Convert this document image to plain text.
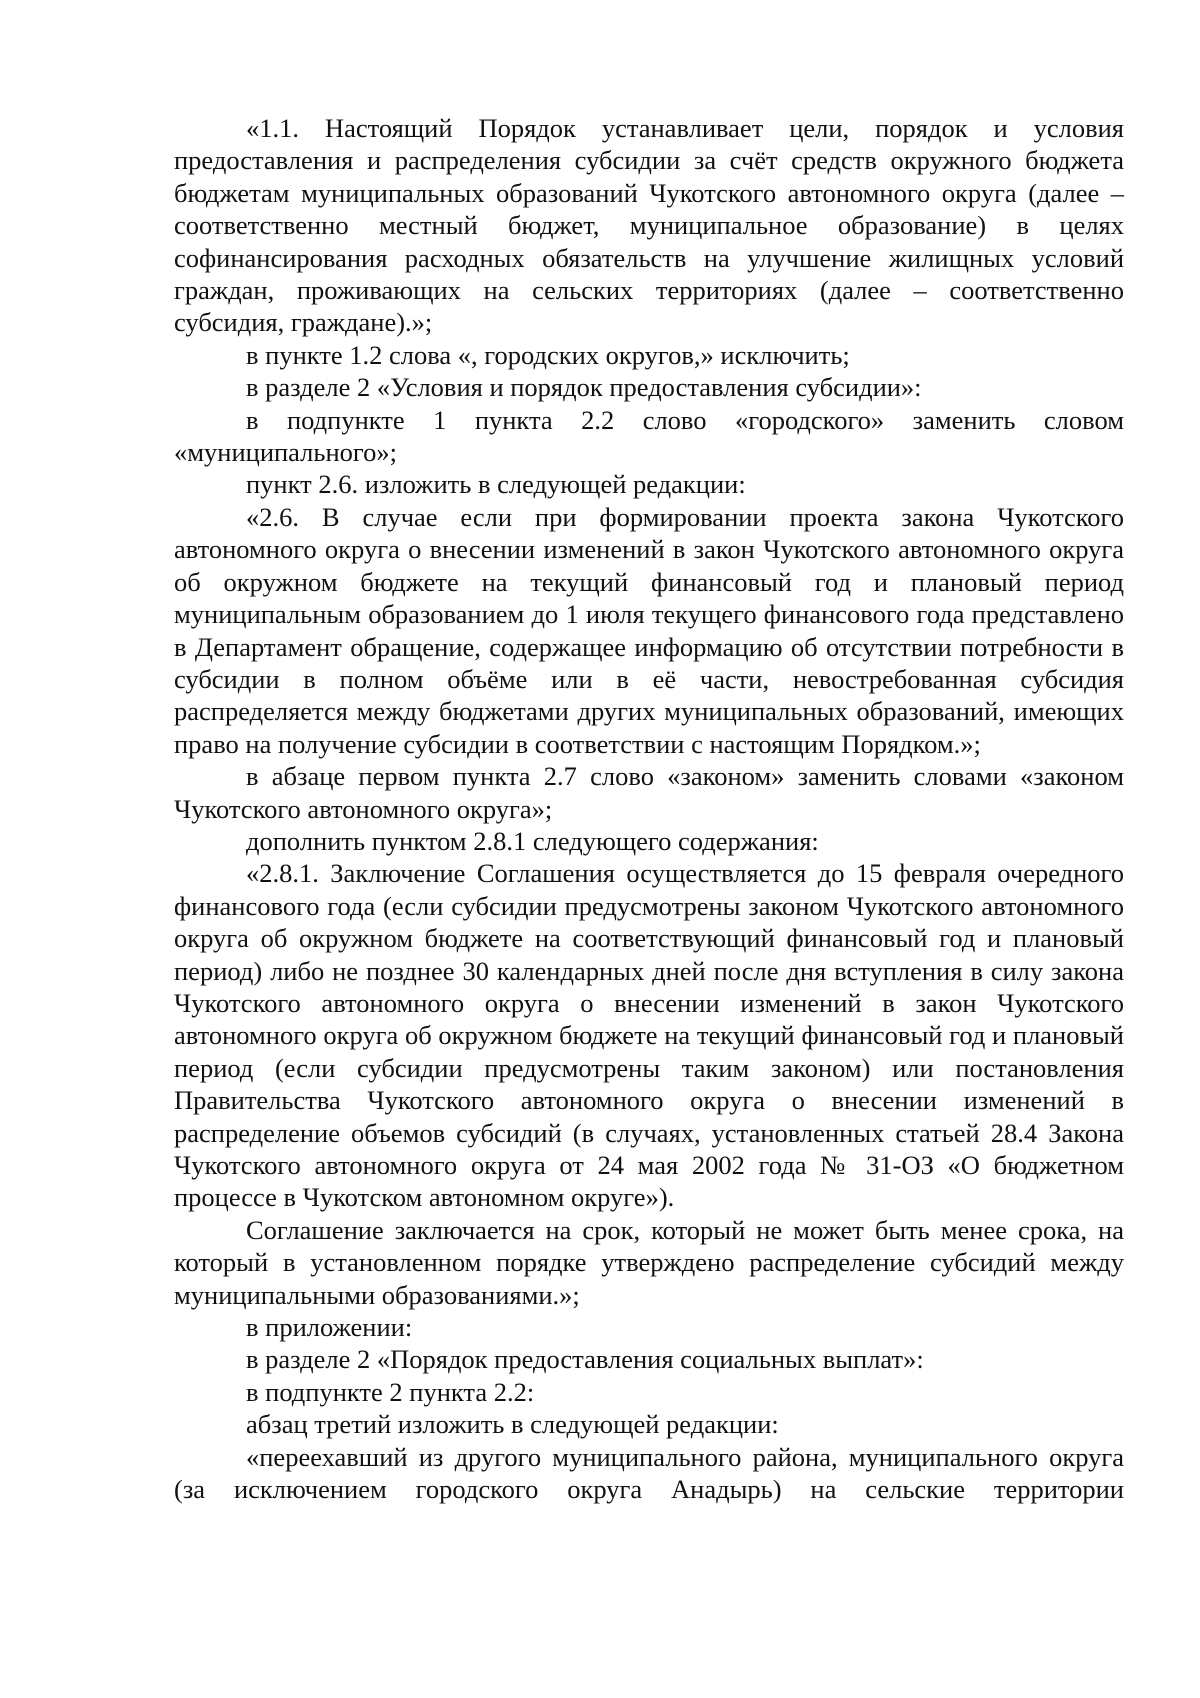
«1.1. Настоящий Порядок устанавливает цели, порядок и условия предоставления и распределения субсидии за счёт средств окружного бюджета бюджетам муниципальных образований Чукотского автономного округа (далее – соответственно местный бюджет, муниципальное образование) в целях софинансирования расходных обязательств на улучшение жилищных условий граждан, проживающих на сельских территориях (далее – соответственно субсидия, граждане).»;

в пункте 1.2 слова «, городских округов,» исключить;

в разделе 2 «Условия и порядок предоставления субсидии»:

в подпункте 1 пункта 2.2 слово «городского» заменить словом «муниципального»;

пункт 2.6. изложить в следующей редакции:

«2.6. В случае если при формировании проекта закона Чукотского автономного округа о внесении изменений в закон Чукотского автономного округа об окружном бюджете на текущий финансовый год и плановый период муниципальным образованием до 1 июля текущего финансового года представлено в Департамент обращение, содержащее информацию об отсутствии потребности в субсидии в полном объёме или в её части, невостребованная субсидия распределяется между бюджетами других муниципальных образований, имеющих право на получение субсидии в соответствии с настоящим Порядком.»;

в абзаце первом пункта 2.7 слово «законом» заменить словами «законом Чукотского автономного округа»;

дополнить пунктом 2.8.1 следующего содержания:

«2.8.1. Заключение Соглашения осуществляется до 15 февраля очередного финансового года (если субсидии предусмотрены законом Чукотского автономного округа об окружном бюджете на соответствующий финансовый год и плановый период) либо не позднее 30 календарных дней после дня вступления в силу закона Чукотского автономного округа о внесении изменений в закон Чукотского автономного округа об окружном бюджете на текущий финансовый год и плановый период (если субсидии предусмотрены таким законом) или постановления Правительства Чукотского автономного округа о внесении изменений в распределение объемов субсидий (в случаях, установленных статьей 28.4 Закона Чукотского автономного округа от 24 мая 2002 года № 31-ОЗ «О бюджетном процессе в Чукотском автономном округе»).

Соглашение заключается на срок, который не может быть менее срока, на который в установленном порядке утверждено распределение субсидий между муниципальными образованиями.»;

в приложении:

в разделе 2 «Порядок предоставления социальных выплат»:

в подпункте 2 пункта 2.2:

абзац третий изложить в следующей редакции:

«переехавший из другого муниципального района, муниципального округа (за исключением городского округа Анадырь) на сельские территории
